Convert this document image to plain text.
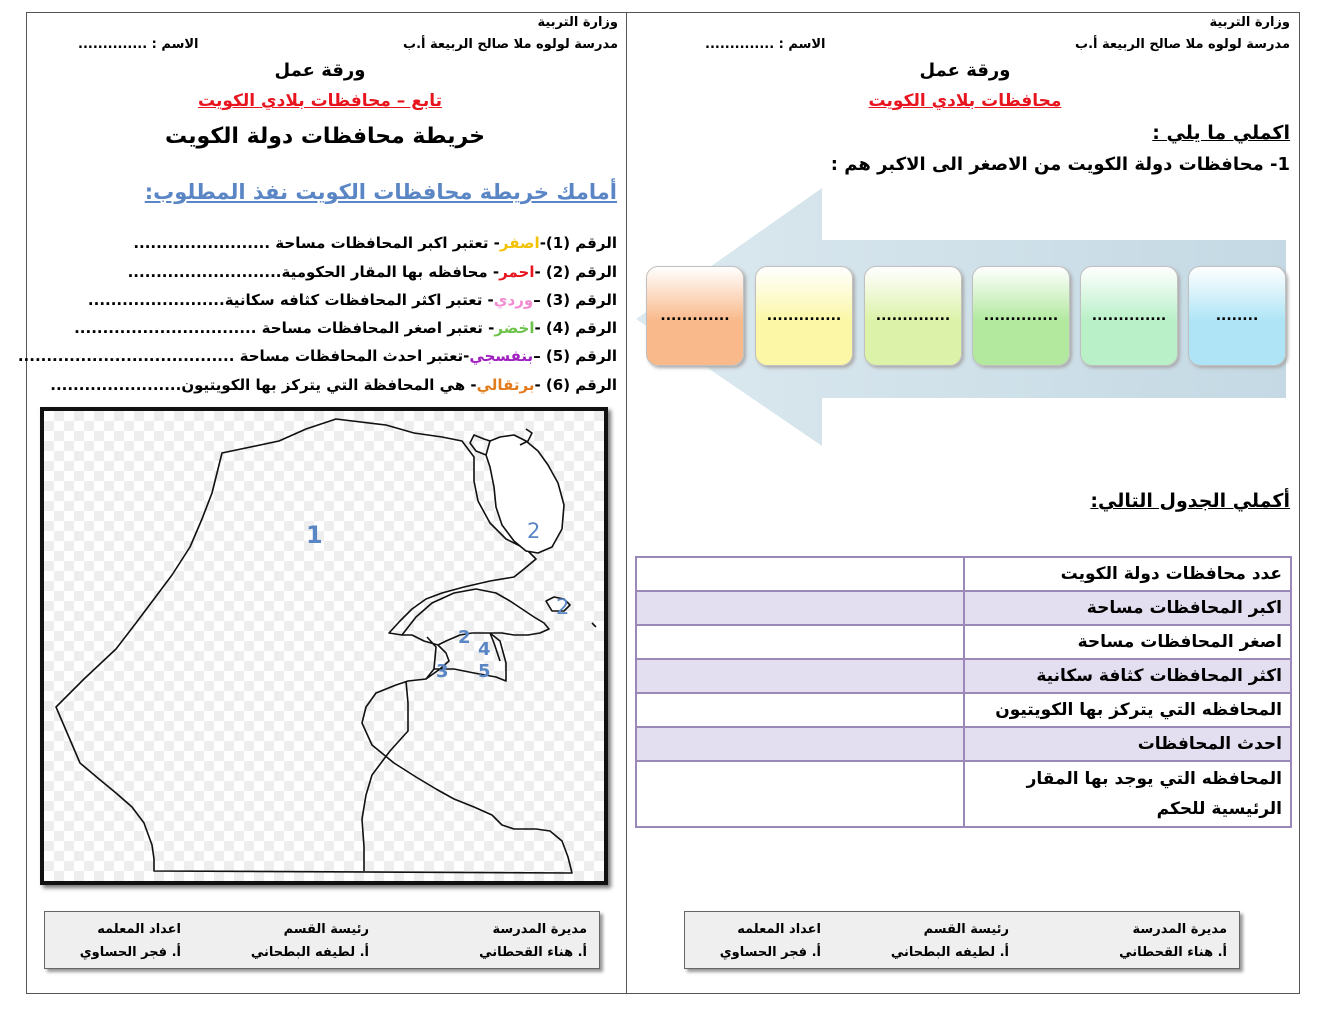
وزارة التربية
مدرسة لولوه ملا صالح الربيعة أ.ب
الاسم : ..............
ورقة عمل
محافظات بلادي الكويت
اكملي ما يلي :
1- محافظات دولة الكويت من الاصغر الى الاكبر هم :
........
..............
..............
..............
..............
.............
أكملي الجدول التالي:
	عدد محافظات دولة الكويت
	اكبر المحافظات مساحة
	اصغر المحافظات مساحة
	اكثر المحافظات كثافة سكانية
	المحافظه التي يتركز بها الكويتيون
	احدث المحافظات
	المحافظه التي يوجد بها المقار الرئيسية للحكم
مديرة المدرسة
أ. هناء القحطاني
رئيسة القسم
أ. لطيفه البطحاني
اعداد المعلمه
أ. فجر الحساوي
وزارة التربية
مدرسة لولوه ملا صالح الربيعة أ.ب
الاسم : ..............
ورقة عمل
تابع – محافظات بلادي الكويت
خريطة محافظات دولة الكويت
أمامك خريطة محافظات الكويت نفذ المطلوب:
الرقم (1)-اصفر- تعتبر اكبر المحافظات مساحة ........................
الرقم (2) -احمر- محافظه بها المقار الحكومية...........................
الرقم (3) –وردي- تعتبر اكثر المحافظات كثافه سكانية........................
الرقم (4) -اخضر- تعتبر اصغر المحافظات مساحة ................................
الرقم (5) –بنفسجي-تعتبر احدث المحافظات مساحة ......................................
الرقم (6) -برتقالي- هي المحافظة التي يتركز بها الكويتيون.......................
1	2
2
2
4
3 5
مديرة المدرسة
أ. هناء القحطاني
رئيسة القسم
أ. لطيفه البطحاني
اعداد المعلمه
أ. فجر الحساوي
